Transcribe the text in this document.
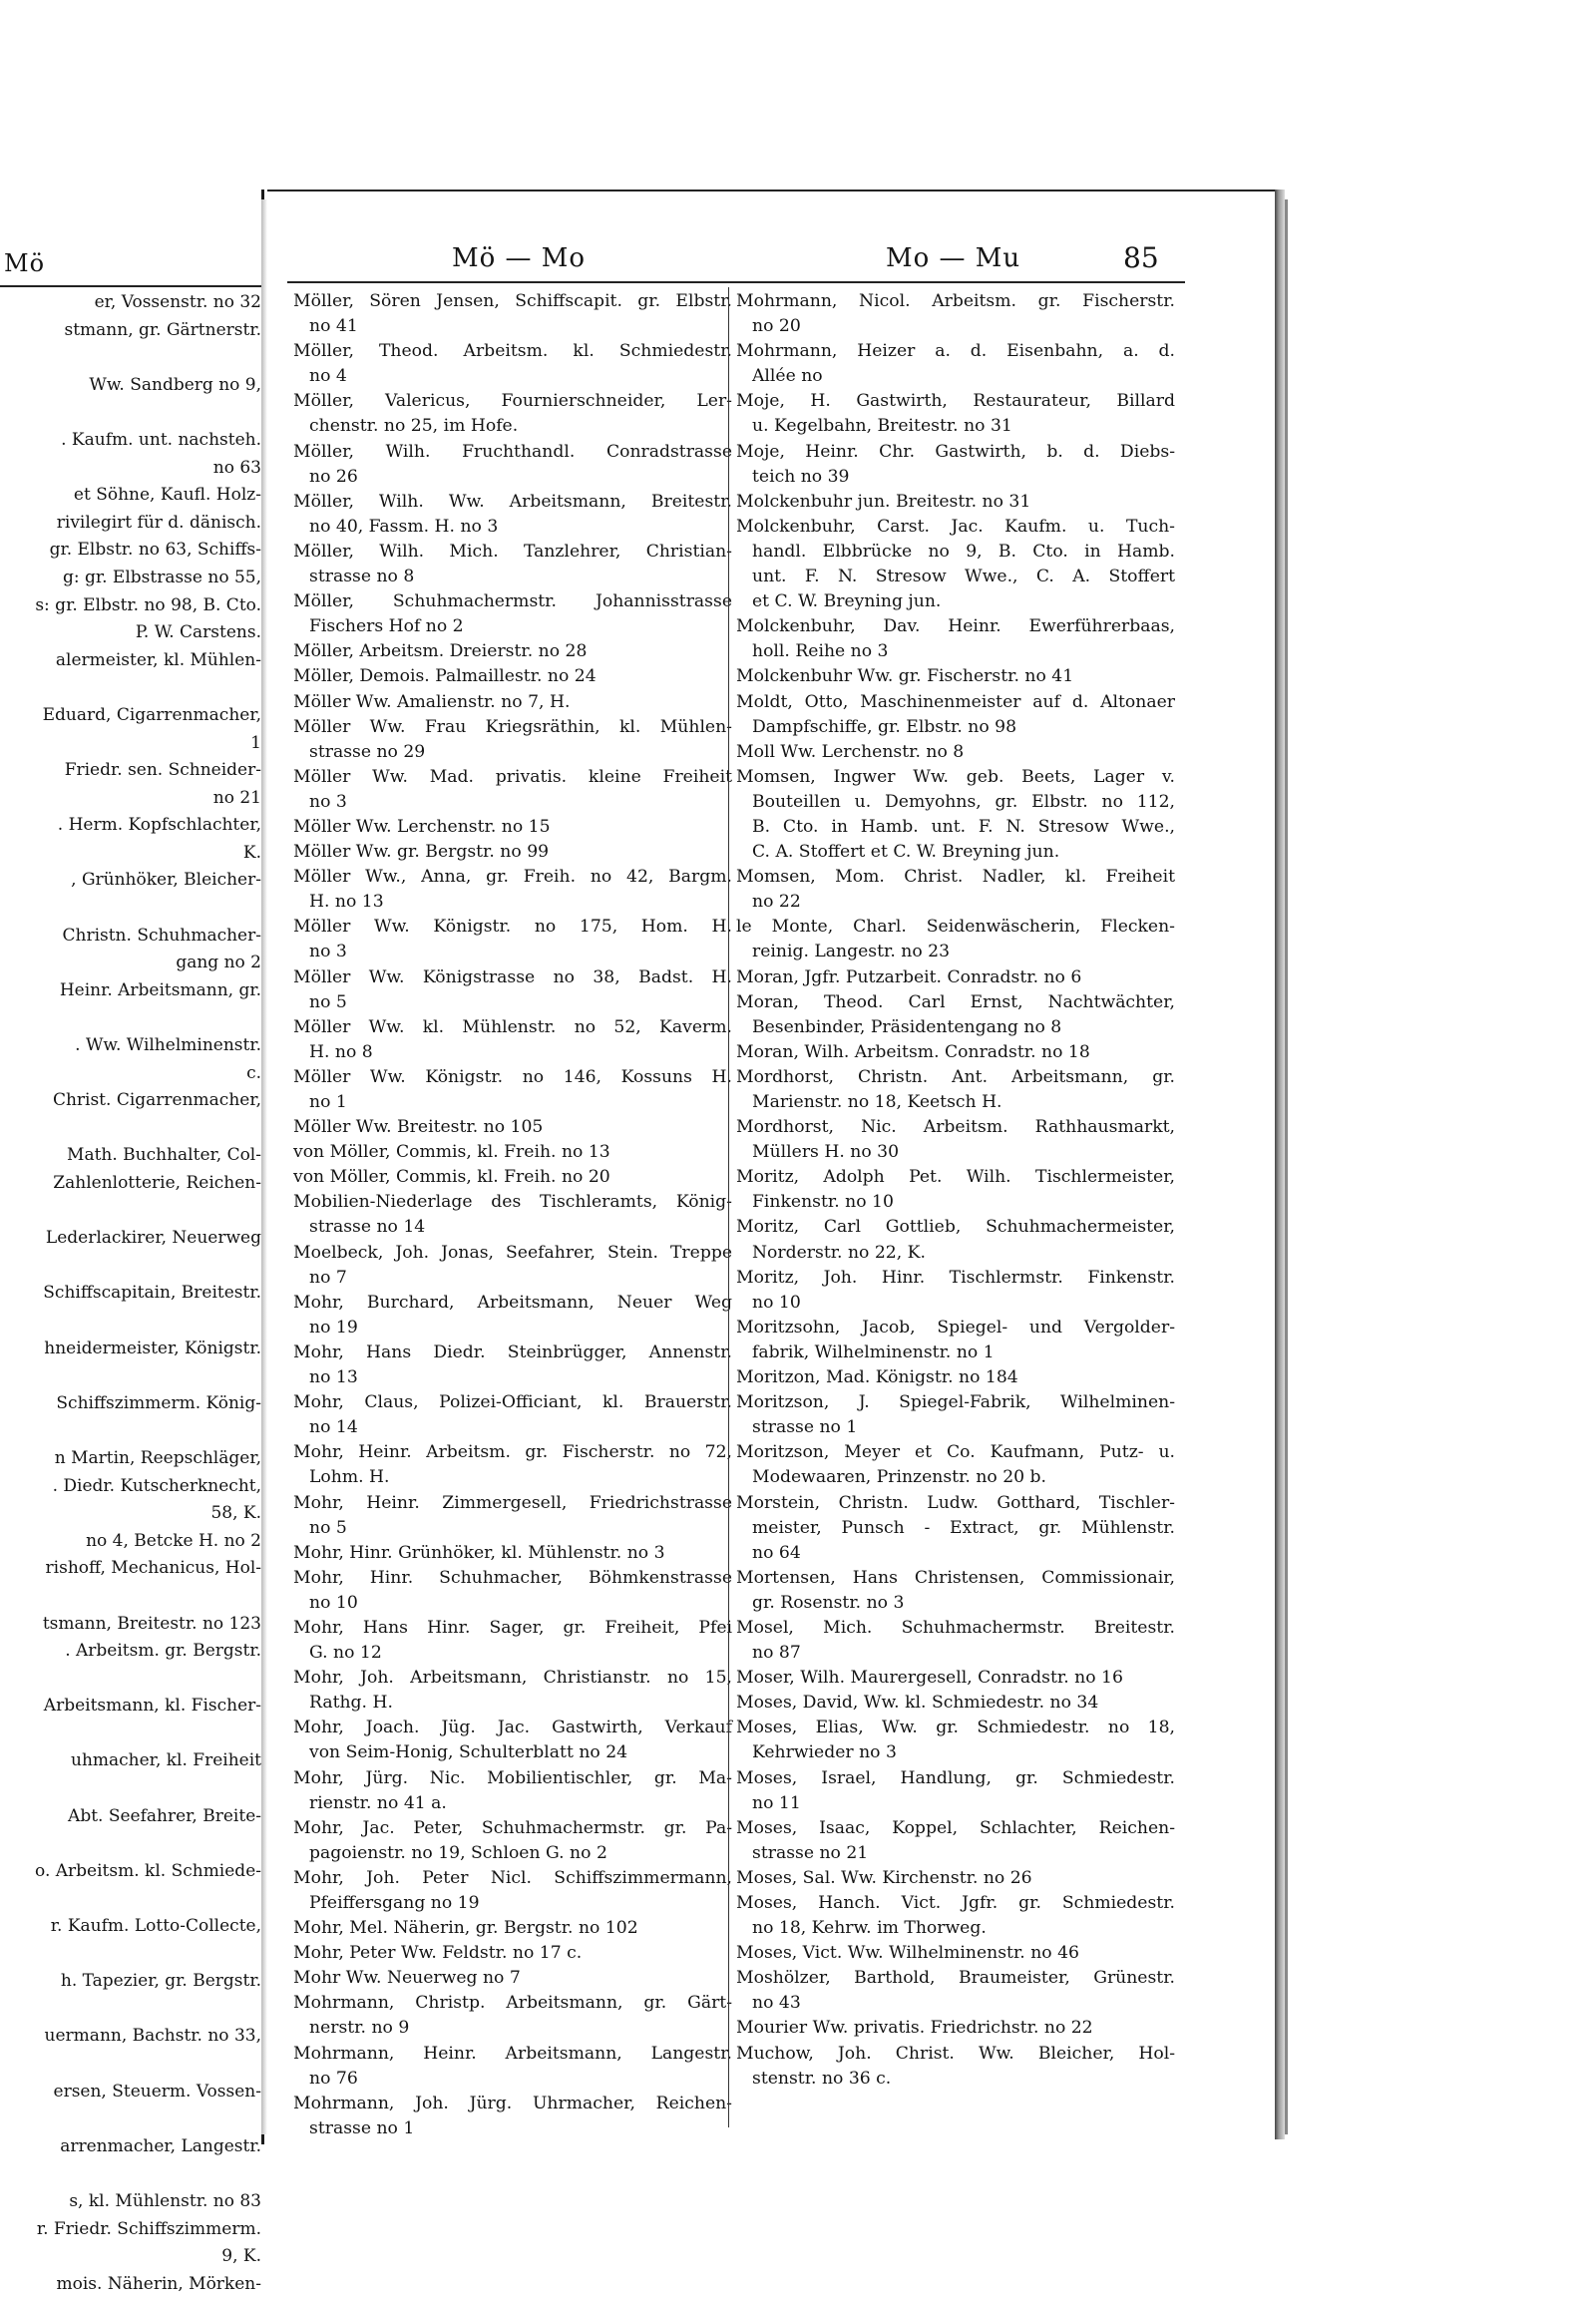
Mö
er, Vossenstr. no 32
stmann, gr. Gärtnerstr.

Ww. Sandberg no 9,

. Kaufm. unt. nachsteh.
no 63
et Söhne, Kaufl. Holz-
rivilegirt für d. dänisch.
gr. Elbstr. no 63, Schiffs-
g: gr. Elbstrasse no 55,
s: gr. Elbstr. no 98, B. Cto.
P. W. Carstens.
alermeister, kl. Mühlen-

Eduard, Cigarrenmacher,
1
Friedr. sen. Schneider-
no 21
. Herm. Kopfschlachter,
K.
, Grünhöker, Bleicher-

Christn. Schuhmacher-
gang no 2
Heinr. Arbeitsmann, gr.

. Ww. Wilhelminenstr.
c.
Christ. Cigarrenmacher,

Math. Buchhalter, Col-
Zahlenlotterie, Reichen-

Lederlackirer, Neuerweg

Schiffscapitain, Breitestr.

hneidermeister, Königstr.

Schiffszimmerm. König-

n Martin, Reepschläger,
. Diedr. Kutscherknecht,
58, K.
no 4, Betcke H. no 2
rishoff, Mechanicus, Hol-

tsmann, Breitestr. no 123
. Arbeitsm. gr. Bergstr.

Arbeitsmann, kl. Fischer-

uhmacher, kl. Freiheit

Abt. Seefahrer, Breite-

o. Arbeitsm. kl. Schmiede-

r. Kaufm. Lotto-Collecte,

h. Tapezier, gr. Bergstr.

uermann, Bachstr. no 33,

ersen, Steuerm. Vossen-

arrenmacher, Langestr.

s, kl. Mühlenstr. no 83
r. Friedr. Schiffszimmerm.
9, K.
mois. Näherin, Mörken-
Mö — Mo	Mo — Mu	85
Möller, Sören Jensen, Schiffscapit. gr. Elbstr.
no 41
Möller, Theod. Arbeitsm. kl. Schmiedestr.
no 4
Möller, Valericus, Fournierschneider, Ler-
chenstr. no 25, im Hofe.
Möller, Wilh. Fruchthandl. Conradstrasse
no 26
Möller, Wilh. Ww. Arbeitsmann, Breitestr.
no 40, Fassm. H. no 3
Möller, Wilh. Mich. Tanzlehrer, Christian-
strasse no 8
Möller, Schuhmachermstr. Johannisstrasse
Fischers Hof no 2
Möller, Arbeitsm. Dreierstr. no 28
Möller, Demois. Palmaillestr. no 24
Möller Ww. Amalienstr. no 7, H.
Möller Ww. Frau Kriegsräthin, kl. Mühlen-
strasse no 29
Möller Ww. Mad. privatis. kleine Freiheit
no 3
Möller Ww. Lerchenstr. no 15
Möller Ww. gr. Bergstr. no 99
Möller Ww., Anna, gr. Freih. no 42, Bargm.
H. no 13
Möller Ww. Königstr. no 175, Hom. H.
no 3
Möller Ww. Königstrasse no 38, Badst. H.
no 5
Möller Ww. kl. Mühlenstr. no 52, Kaverm.
H. no 8
Möller Ww. Königstr. no 146, Kossuns H.
no 1
Möller Ww. Breitestr. no 105
von Möller, Commis, kl. Freih. no 13
von Möller, Commis, kl. Freih. no 20
Mobilien-Niederlage des Tischleramts, König-
strasse no 14
Moelbeck, Joh. Jonas, Seefahrer, Stein. Treppe
no 7
Mohr, Burchard, Arbeitsmann, Neuer Weg
no 19
Mohr, Hans Diedr. Steinbrügger, Annenstr.
no 13
Mohr, Claus, Polizei-Officiant, kl. Brauerstr.
no 14
Mohr, Heinr. Arbeitsm. gr. Fischerstr. no 72,
Lohm. H.
Mohr, Heinr. Zimmergesell, Friedrichstrasse
no 5
Mohr, Hinr. Grünhöker, kl. Mühlenstr. no 3
Mohr, Hinr. Schuhmacher, Böhmkenstrasse
no 10
Mohr, Hans Hinr. Sager, gr. Freiheit, Pfei
G. no 12
Mohr, Joh. Arbeitsmann, Christianstr. no 15,
Rathg. H.
Mohr, Joach. Jüg. Jac. Gastwirth, Verkauf
von Seim-Honig, Schulterblatt no 24
Mohr, Jürg. Nic. Mobilientischler, gr. Ma-
rienstr. no 41 a.
Mohr, Jac. Peter, Schuhmachermstr. gr. Pa-
pagoienstr. no 19, Schloen G. no 2
Mohr, Joh. Peter Nicl. Schiffszimmermann,
Pfeiffersgang no 19
Mohr, Mel. Näherin, gr. Bergstr. no 102
Mohr, Peter Ww. Feldstr. no 17 c.
Mohr Ww. Neuerweg no 7
Mohrmann, Christp. Arbeitsmann, gr. Gärt-
nerstr. no 9
Mohrmann, Heinr. Arbeitsmann, Langestr.
no 76
Mohrmann, Joh. Jürg. Uhrmacher, Reichen-
strasse no 1
Mohrmann, Nicol. Arbeitsm. gr. Fischerstr.
no 20
Mohrmann, Heizer a. d. Eisenbahn, a. d.
Allée no
Moje, H. Gastwirth, Restaurateur, Billard
u. Kegelbahn, Breitestr. no 31
Moje, Heinr. Chr. Gastwirth, b. d. Diebs-
teich no 39
Molckenbuhr jun. Breitestr. no 31
Molckenbuhr, Carst. Jac. Kaufm. u. Tuch-
handl. Elbbrücke no 9, B. Cto. in Hamb.
unt. F. N. Stresow Wwe., C. A. Stoffert
et C. W. Breyning jun.
Molckenbuhr, Dav. Heinr. Ewerführerbaas,
holl. Reihe no 3
Molckenbuhr Ww. gr. Fischerstr. no 41
Moldt, Otto, Maschinenmeister auf d. Altonaer
Dampfschiffe, gr. Elbstr. no 98
Moll Ww. Lerchenstr. no 8
Momsen, Ingwer Ww. geb. Beets, Lager v.
Bouteillen u. Demyohns, gr. Elbstr. no 112,
B. Cto. in Hamb. unt. F. N. Stresow Wwe.,
C. A. Stoffert et C. W. Breyning jun.
Momsen, Mom. Christ. Nadler, kl. Freiheit
no 22
le Monte, Charl. Seidenwäscherin, Flecken-
reinig. Langestr. no 23
Moran, Jgfr. Putzarbeit. Conradstr. no 6
Moran, Theod. Carl Ernst, Nachtwächter,
Besenbinder, Präsidentengang no 8
Moran, Wilh. Arbeitsm. Conradstr. no 18
Mordhorst, Christn. Ant. Arbeitsmann, gr.
Marienstr. no 18, Keetsch H.
Mordhorst, Nic. Arbeitsm. Rathhausmarkt,
Müllers H. no 30
Moritz, Adolph Pet. Wilh. Tischlermeister,
Finkenstr. no 10
Moritz, Carl Gottlieb, Schuhmachermeister,
Norderstr. no 22, K.
Moritz, Joh. Hinr. Tischlermstr. Finkenstr.
no 10
Moritzsohn, Jacob, Spiegel- und Vergolder-
fabrik, Wilhelminenstr. no 1
Moritzon, Mad. Königstr. no 184
Moritzson, J. Spiegel-Fabrik, Wilhelminen-
strasse no 1
Moritzson, Meyer et Co. Kaufmann, Putz- u.
Modewaaren, Prinzenstr. no 20 b.
Morstein, Christn. Ludw. Gotthard, Tischler-
meister, Punsch - Extract, gr. Mühlenstr.
no 64
Mortensen, Hans Christensen, Commissionair,
gr. Rosenstr. no 3
Mosel, Mich. Schuhmachermstr. Breitestr.
no 87
Moser, Wilh. Maurergesell, Conradstr. no 16
Moses, David, Ww. kl. Schmiedestr. no 34
Moses, Elias, Ww. gr. Schmiedestr. no 18,
Kehrwieder no 3
Moses, Israel, Handlung, gr. Schmiedestr.
no 11
Moses, Isaac, Koppel, Schlachter, Reichen-
strasse no 21
Moses, Sal. Ww. Kirchenstr. no 26
Moses, Hanch. Vict. Jgfr. gr. Schmiedestr.
no 18, Kehrw. im Thorweg.
Moses, Vict. Ww. Wilhelminenstr. no 46
Moshölzer, Barthold, Braumeister, Grünestr.
no 43
Mourier Ww. privatis. Friedrichstr. no 22
Muchow, Joh. Christ. Ww. Bleicher, Hol-
stenstr. no 36 c.
